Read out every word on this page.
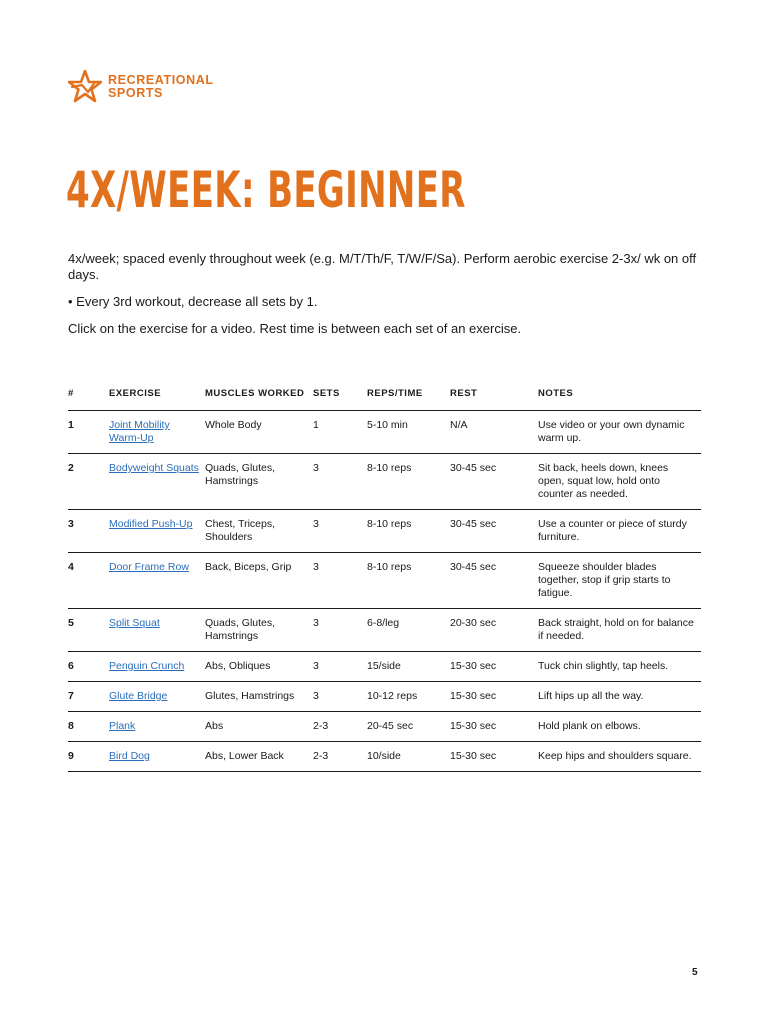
RECREATIONAL
SPORTS
4X/WEEK: BEGINNER

4x/week; spaced evenly throughout week (e.g. M/T/Th/F, T/W/F/Sa). Perform aerobic exercise 2-3x/ wk on off days.

• Every 3rd workout, decrease all sets by 1.

Click on the exercise for a video. Rest time is between each set of an exercise.

#	EXERCISE	MUSCLES WORKED	SETS	REPS/TIME	REST	NOTES
1	Joint Mobility Warm-Up	Whole Body	1	5-10 min	N/A	Use video or your own dynamic warm up.
2	Bodyweight Squats	Quads, Glutes, Hamstrings	3	8-10 reps	30-45 sec	Sit back, heels down, knees open, squat low, hold onto counter as needed.
3	Modified Push-Up	Chest, Triceps, Shoulders	3	8-10 reps	30-45 sec	Use a counter or piece of sturdy furniture.
4	Door Frame Row	Back, Biceps, Grip	3	8-10 reps	30-45 sec	Squeeze shoulder blades together, stop if grip starts to fatigue.
5	Split Squat	Quads, Glutes, Hamstrings	3	6-8/leg	20-30 sec	Back straight, hold on for balance if needed.
6	Penguin Crunch	Abs, Obliques	3	15/side	15-30 sec	Tuck chin slightly, tap heels.
7	Glute Bridge	Glutes, Hamstrings	3	10-12 reps	15-30 sec	Lift hips up all the way.
8	Plank	Abs	2-3	20-45 sec	15-30 sec	Hold plank on elbows.
9	Bird Dog	Abs, Lower Back	2-3	10/side	15-30 sec	Keep hips and shoulders square.
5
